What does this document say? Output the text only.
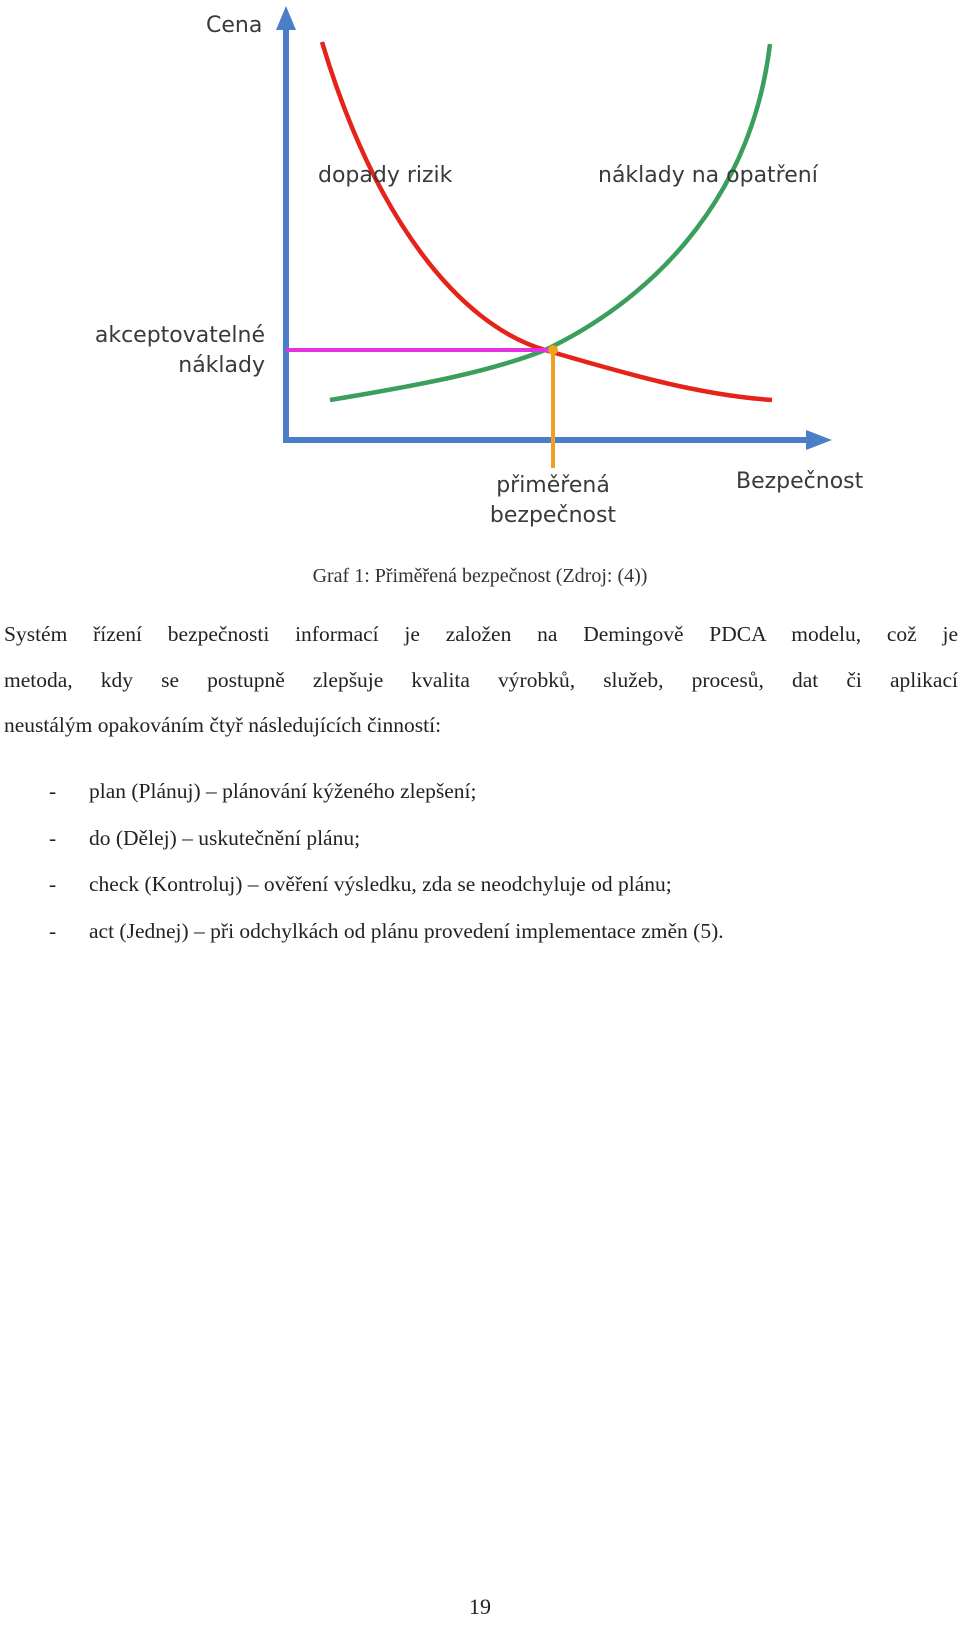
Cena
Bezpečnost
dopady rizik	náklady na opatření
akceptovatelné
náklady
přiměřená
bezpečnost
Graf 1: Přiměřená bezpečnost (Zdroj: (4))
Systém řízení bezpečnosti informací je založen na Demingově PDCA modelu, což je
metoda, kdy se postupně zlepšuje kvalita výrobků, služeb, procesů, dat či aplikací
neustálým opakováním čtyř následujících činností:
- plan (Plánuj) – plánování kýženého zlepšení;
- do (Dělej) – uskutečnění plánu;
- check (Kontroluj) – ověření výsledku, zda se neodchyluje od plánu;
- act (Jednej) – při odchylkách od plánu provedení implementace změn (5).
19
